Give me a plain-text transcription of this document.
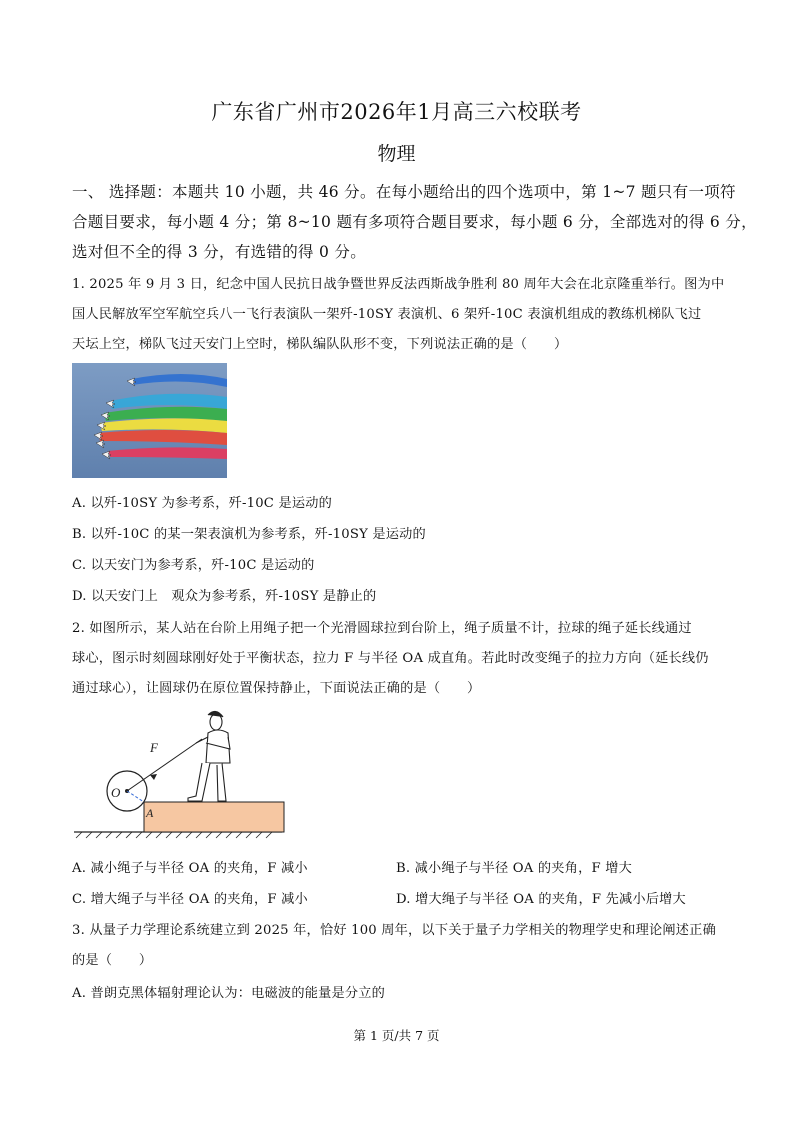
广东省广州市2026年1月高三六校联考
物理
一、 选择题：本题共 10 小题，共 46 分。在每小题给出的四个选项中，第 1~7 题只有一项符
合题目要求，每小题 4 分；第 8~10 题有多项符合题目要求，每小题 6 分，全部选对的得 6 分，
选对但不全的得 3 分，有选错的得 0 分。
1. 2025 年 9 月 3 日，纪念中国人民抗日战争暨世界反法西斯战争胜利 80 周年大会在北京隆重举行。图为中
国人民解放军空军航空兵八一飞行表演队一架歼-10SY 表演机、6 架歼-10C 表演机组成的教练机梯队飞过
天坛上空，梯队飞过天安门上空时，梯队编队队形不变，下列说法正确的是（　　）
A. 以歼-10SY 为参考系，歼-10C 是运动的
B. 以歼-10C 的某一架表演机为参考系，歼-10SY 是运动的
C. 以天安门为参考系，歼-10C 是运动的
D. 以天安门上　观众为参考系，歼-10SY 是静止的
2. 如图所示，某人站在台阶上用绳子把一个光滑圆球拉到台阶上，绳子质量不计，拉球的绳子延长线通过
球心，图示时刻圆球刚好处于平衡状态，拉力 F 与半径 OA 成直角。若此时改变绳子的拉力方向（延长线仍
通过球心），让圆球仍在原位置保持静止，下面说法正确的是（　　）
F
O
A
A. 减小绳子与半径 OA 的夹角，F 减小	B. 减小绳子与半径 OA 的夹角，F 增大
C. 增大绳子与半径 OA 的夹角，F 减小	D. 增大绳子与半径 OA 的夹角，F 先减小后增大
3. 从量子力学理论系统建立到 2025 年，恰好 100 周年，以下关于量子力学相关的物理学史和理论阐述正确
的是（　　）
A. 普朗克黑体辐射理论认为：电磁波的能量是分立的
第 1 页/共 7 页
